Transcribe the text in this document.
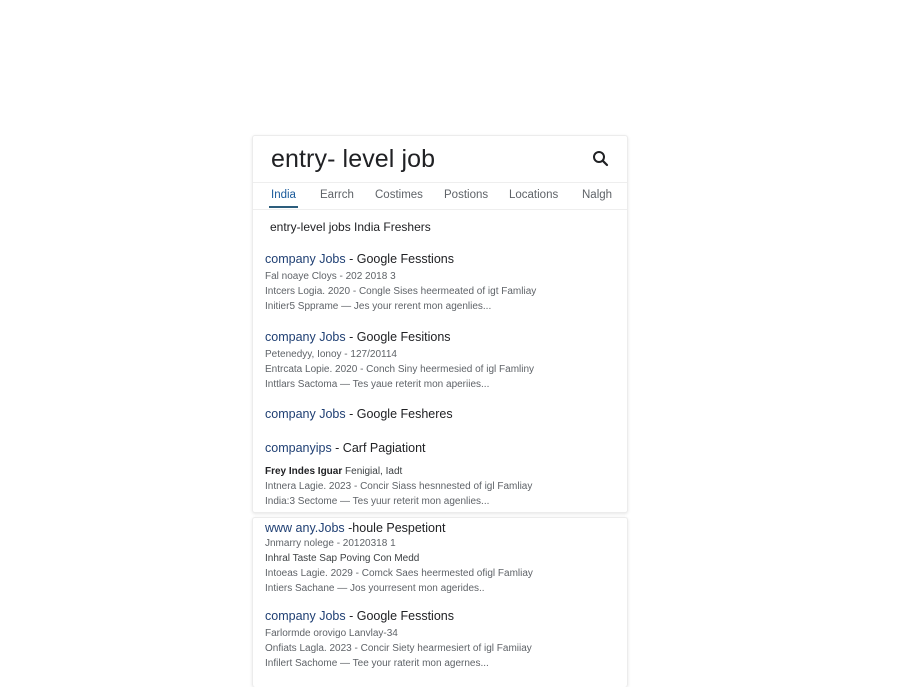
entry- level job
India Earrch Costimes Postions Locations Nalgh
entry-level jobs India Freshers
company Jobs - Google Fesstions
Fal noaye Cloys - 202 2018 3
Intcers Logia. 2020 - Congle Sises heermeated of igt Famliay
Initier5 Spprame — Jes your rerent mon agenlies...
company Jobs - Google Fesitions
Petenedyy, Ionoy - 127/20114
Entrcata Lopie. 2020 - Conch Siny heermesied of igl Famliny
Inttlars Sactoma — Tes yaue reterit mon aperiies...
company Jobs - Google Fesheres
companyips - Carf Pagiationt
Frey Indes Iguar Fenigial, Iadt
Intnera Lagie. 2023 - Concir Siass hesnnested of igl Famliay
India:3 Sectome — Tes yuur reterit mon agenlies...
www any.Jobs -houle Pespetiont
Jnmarry nolege - 20120318 1
Inhral Taste Sap Poving Con Medd
Intoeas Lagie. 2029 - Comck Saes heermested ofigl Famliay
Intiers Sachane — Jos yourresent mon agerides..
company Jobs - Google Fesstions
Farlormde orovigo Lanvlay-34
Onfiats Lagla. 2023 - Concir Siety hearmesiert of igl Famiiay
Infilert Sachome — Tee your raterit mon agernes...
